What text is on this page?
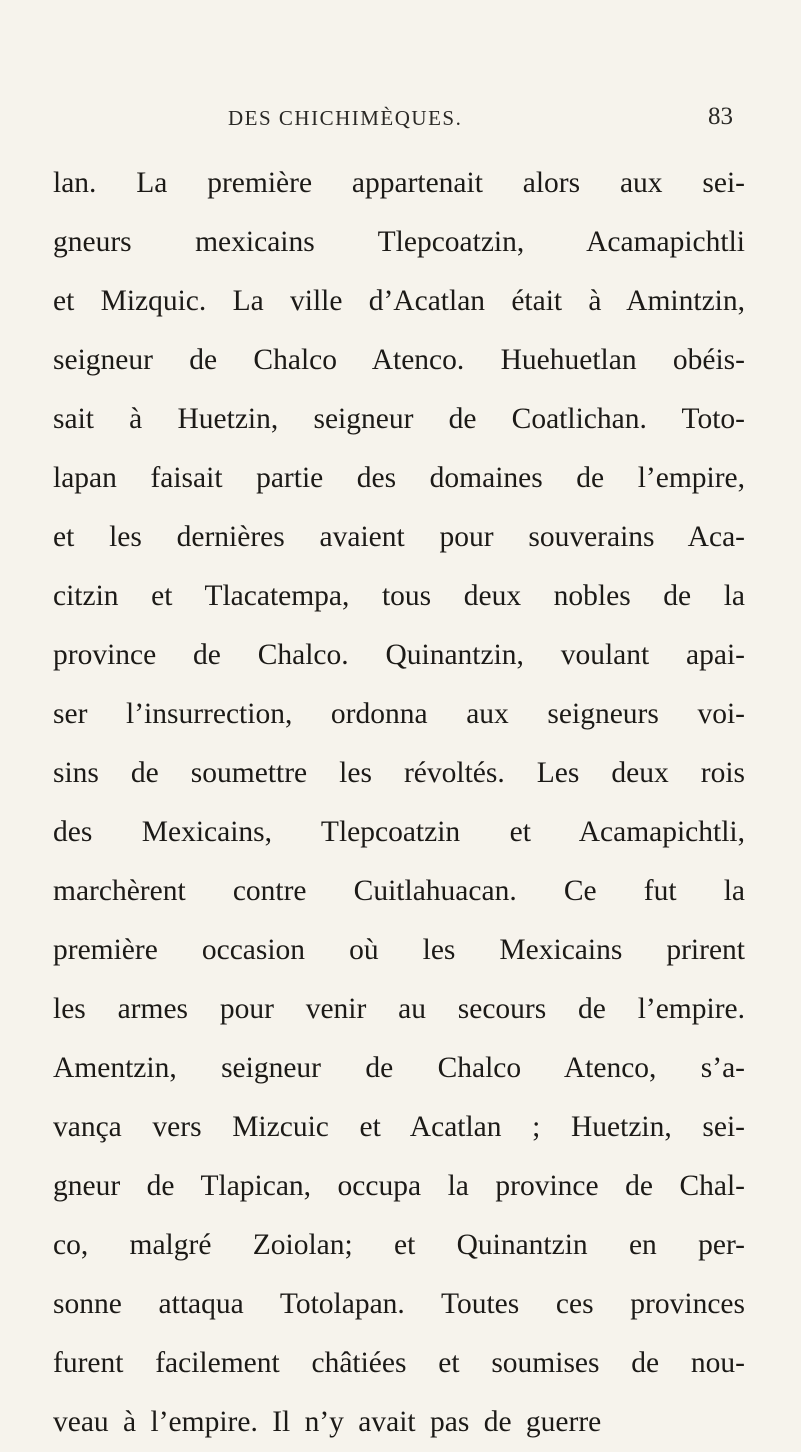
DES CHICHIMÈQUES.	83
lan. La première appartenait alors aux sei-
gneurs mexicains Tlepcoatzin, Acamapichtli
et Mizquic. La ville d’Acatlan était à Amintzin,
seigneur de Chalco Atenco. Huehuetlan obéis-
sait à Huetzin, seigneur de Coatlichan. Toto-
lapan faisait partie des domaines de l’empire,
et les dernières avaient pour souverains Aca-
citzin et Tlacatempa, tous deux nobles de la
province de Chalco. Quinantzin, voulant apai-
ser l’insurrection, ordonna aux seigneurs voi-
sins de soumettre les révoltés. Les deux rois
des Mexicains, Tlepcoatzin et Acamapichtli,
marchèrent contre Cuitlahuacan. Ce fut la
première occasion où les Mexicains prirent
les armes pour venir au secours de l’empire.
Amentzin, seigneur de Chalco Atenco, s’a-
vança vers Mizcuic et Acatlan ; Huetzin, sei-
gneur de Tlapican, occupa la province de Chal-
co, malgré Zoiolan; et Quinantzin en per-
sonne attaqua Totolapan. Toutes ces provinces
furent facilement châtiées et soumises de nou-
veau à l’empire. Il n’y avait pas de guerre
